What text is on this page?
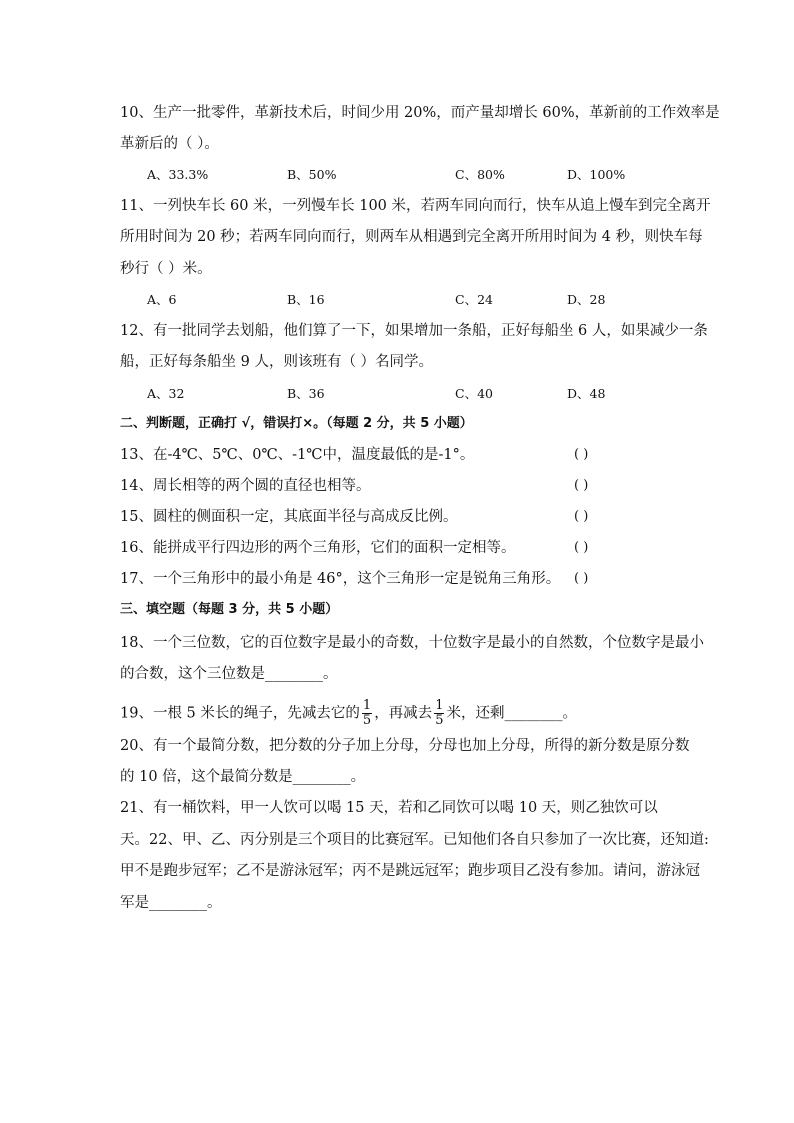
10、生产一批零件，革新技术后，时间少用 20%，而产量却增长 60%，革新前的工作效率是
革新后的（ ）。
A、33.3%	B、50%	C、80%	D、100%
11、一列快车长 60 米，一列慢车长 100 米，若两车同向而行，快车从追上慢车到完全离开
所用时间为 20 秒；若两车同向而行，则两车从相遇到完全离开所用时间为 4 秒，则快车每
秒行（ ）米。
A、6	B、16	C、24	D、28
12、有一批同学去划船，他们算了一下，如果增加一条船，正好每船坐 6 人，如果减少一条
船，正好每条船坐 9 人，则该班有（ ）名同学。
A、32	B、36	C、40	D、48
二、判断题，正确打 √，错误打×。（每题 2 分，共 5 小题）
13、在-4℃、5℃、0℃、-1℃中，温度最低的是-1°。	( )
14、周长相等的两个圆的直径也相等。	( )
15、圆柱的侧面积一定，其底面半径与高成反比例。	( )
16、能拼成平行四边形的两个三角形，它们的面积一定相等。	( )
17、一个三角形中的最小角是 46°，这个三角形一定是锐角三角形。 ( )
三、填空题（每题 3 分，共 5 小题）
18、一个三位数，它的百位数字是最小的奇数，十位数字是最小的自然数，个位数字是最小
的合数，这个三位数是________。
19、一根 5 米长的绳子，先减去它的 $\frac{1}{5}$ ，再减去 $\frac{1}{5}$ 米，还剩________。
20、有一个最简分数，把分数的分子加上分母，分母也加上分母，所得的新分数是原分数
的 10 倍，这个最简分数是________。
21、有一桶饮料，甲一人饮可以喝 15 天，若和乙同饮可以喝 10 天，则乙独饮可以
天。22、甲、乙、丙分别是三个项目的比赛冠军。已知他们各自只参加了一次比赛，还知道:
甲不是跑步冠军；乙不是游泳冠军；丙不是跳远冠军；跑步项目乙没有参加。请问，游泳冠
军是________。
